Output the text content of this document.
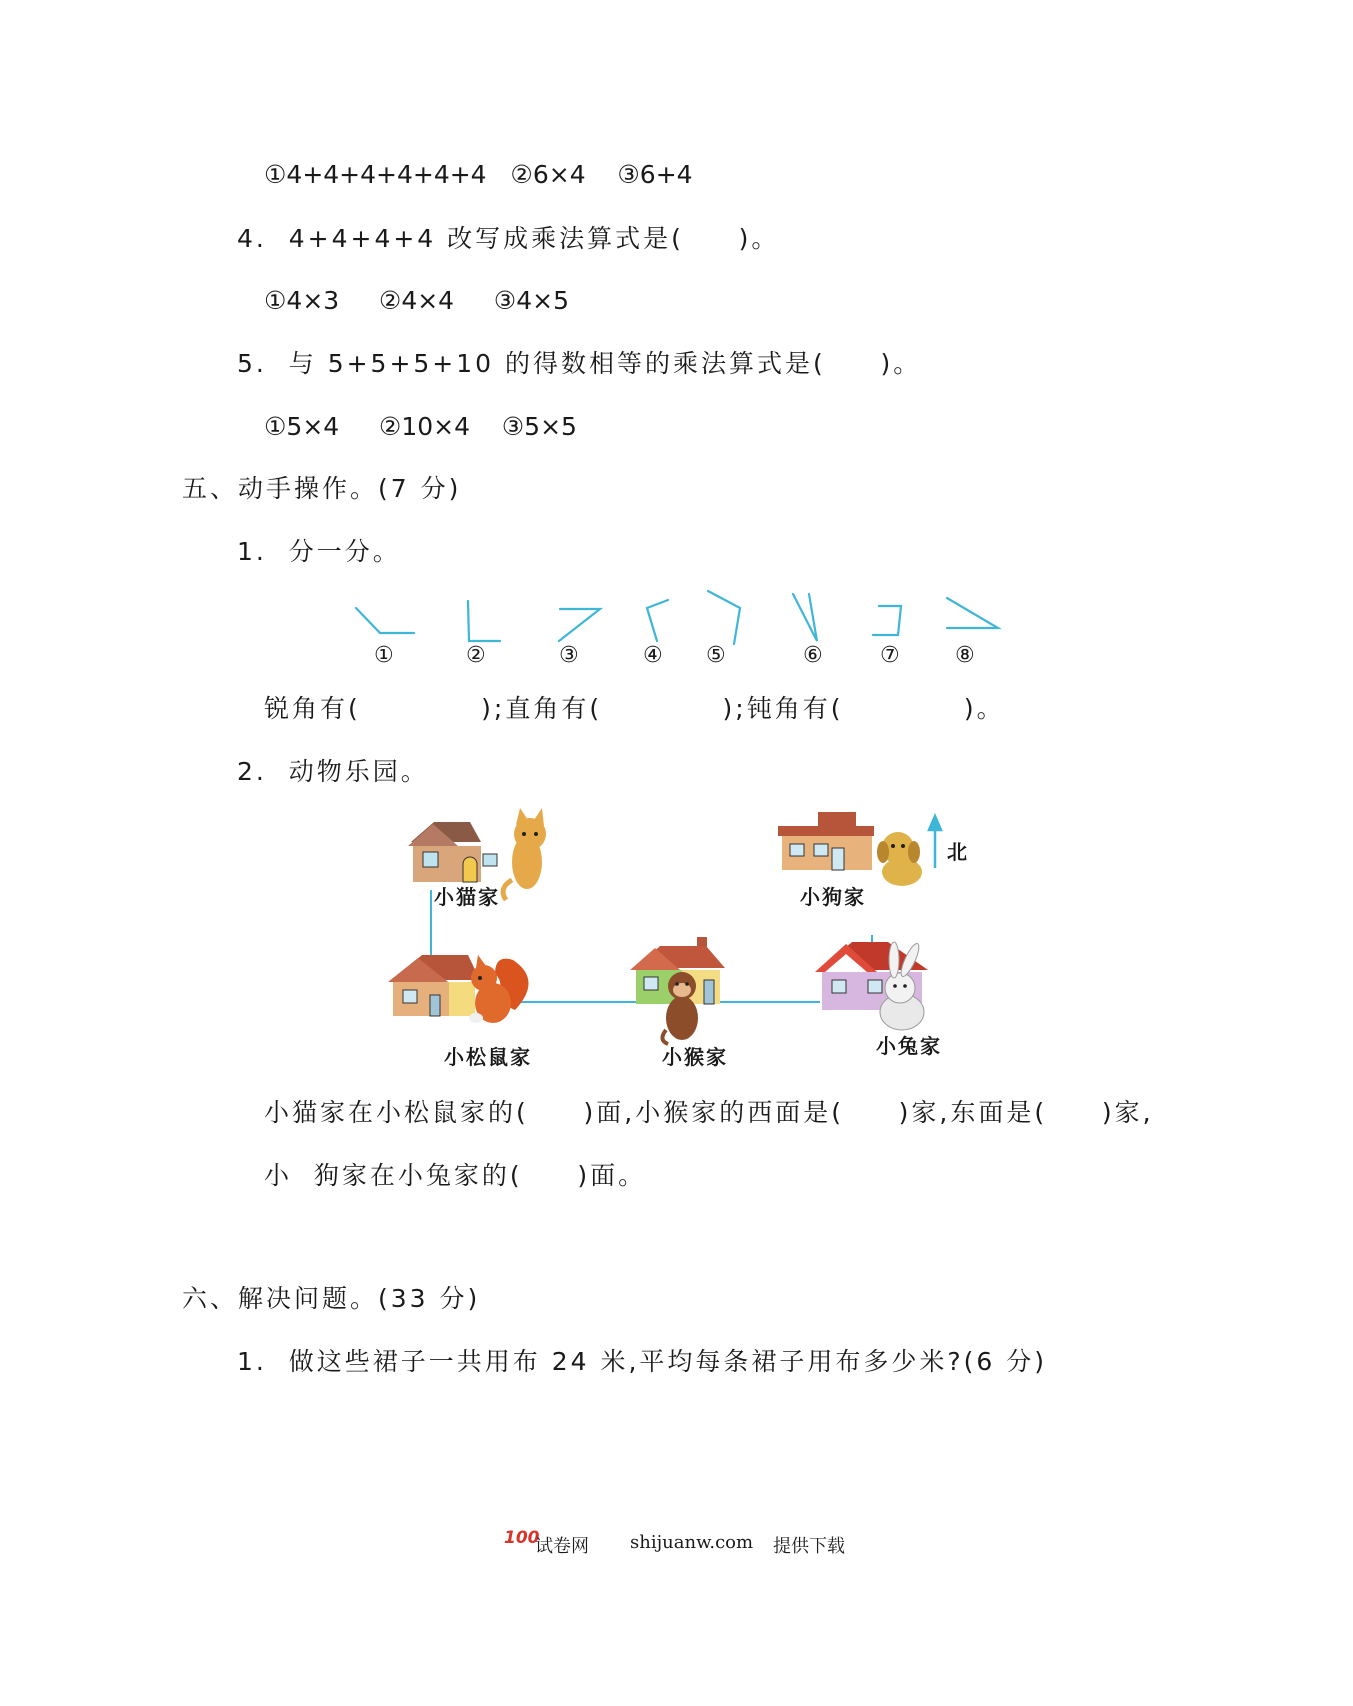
①4+4+4+4+4+4   ②6×4    ③6+4
4.  4+4+4+4 改写成乘法算式是(     )。
①4×3     ②4×4     ③4×5
5.  与 5+5+5+10 的得数相等的乘法算式是(     )。
①5×4     ②10×4    ③5×5
五、动手操作。(7 分)
1.  分一分。
①	②	③	④ ⑤	⑥	⑦	⑧
锐角有(           );直角有(           );钝角有(           )。
2.  动物乐园。
小猫家	小狗家
北
小松鼠家	小猴家	小兔家
小猫家在小松鼠家的(     )面,小猴家的西面是(     )家,东面是(     )家,
小  狗家在小兔家的(     )面。
六、解决问题。(33 分)
1.  做这些裙子一共用布 24 米,平均每条裙子用布多少米?(6 分)
100
试卷网 shijuanw.com 提供下载
